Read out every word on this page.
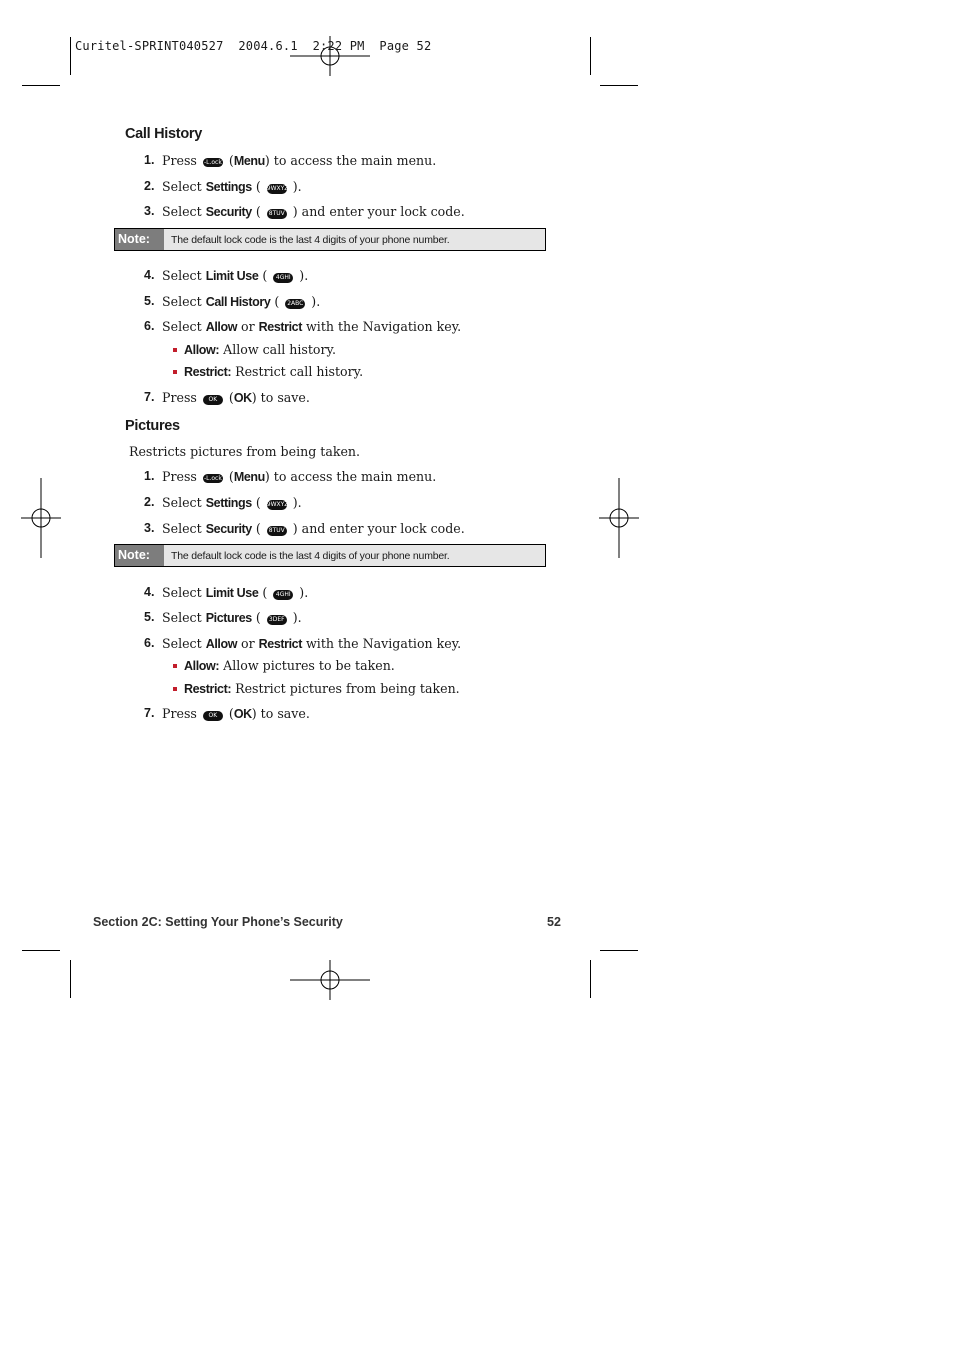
Curitel-SPRINT040527  2004.6.1  2:22 PM  Page 52
Call History
1. Press -L.ock (Menu) to access the main menu.
2. Select Settings ( 9WXYZ ).
3. Select Security ( 8TUV ) and enter your lock code.
Note:	The default lock code is the last 4 digits of your phone number.
4. Select Limit Use ( 4GHI ).
5. Select Call History ( 2ABC ).
6. Select Allow or Restrict with the Navigation key.
Allow: Allow call history.
Restrict: Restrict call history.
7. Press OK (OK) to save.
Pictures
Restricts pictures from being taken.
1. Press -L.ock (Menu) to access the main menu.
2. Select Settings ( 9WXYZ ).
3. Select Security ( 8TUV ) and enter your lock code.
Note:	The default lock code is the last 4 digits of your phone number.
4. Select Limit Use ( 4GHI ).
5. Select Pictures ( 3DEF ).
6. Select Allow or Restrict with the Navigation key.
Allow: Allow pictures to be taken.
Restrict: Restrict pictures from being taken.
7. Press OK (OK) to save.
Section 2C: Setting Your Phone’s Security	52
